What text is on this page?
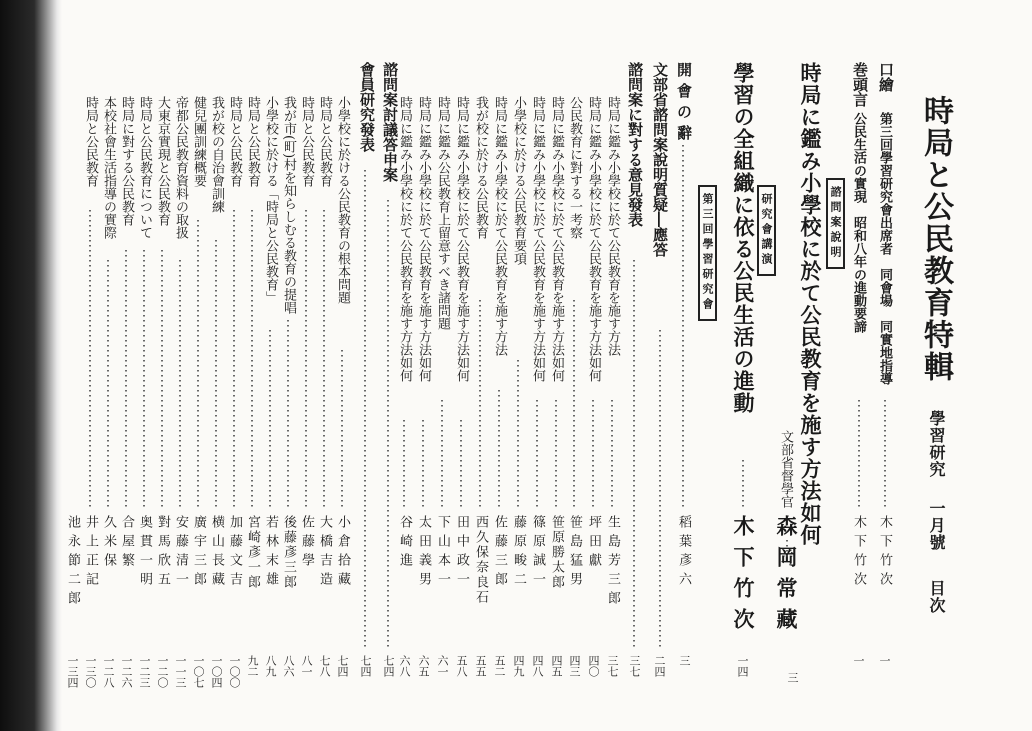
時局と公民教育特輯
學習研究
一月號
目次
口繪
第三回學習研究會出席者　同會場　同實地指導
木下竹次
一
巻頭言
公民生活の實現　昭和八年の進動要諦
木下竹次
一
諮問案說明
研究會講演
第三回學習研究會	時局に鑑み小學校に於て公民教育を施す方法如何
文部省督學官
森岡常藏
三
學習の全組織に依る公民生活の進動
木下竹次
一四
開會の辭
稻葉彥六
三
文部省諮問案說明質疑―應答
二四
諮問案に對する意見發表
三七
時局に鑑み小學校に於て公民教育を施す方法
生島芳三郎
三七
時局に鑑み小學校に於て公民教育を施す方法如何
坪田獻
四〇
公民教育に對する一考察
笹島猛男
四三
時局に鑑み小學校に於て公民教育を施す方法如何
笹原勝太郎
四五
時局に鑑み小學校に於て公民教育を施す方法如何
篠原誠一
四八
小學校に於ける公民教育要項
藤原畯二
四九
時局に鑑み小學校に於て公民教育を施す方法
佐藤三郎
五二
我が校に於ける公民教育
西久保奈良石
五五
時局に鑑み小學校に於て公民教育を施す方法如何
田中政一
五八
時局に鑑み公民教育上留意すべき諸問題
下山本一
六一
時局に鑑み小學校に於て公民教育を施す方法如何
太田義男
六五
時局に鑑み小學校に於て公民教育を施す方法如何
谷崎進
六八
諮問案討議答申案
七四
會員研究發表
七四
小學校に於ける公民教育の根本問題
小倉拾藏
七四
時局と公民教育
大橋吉造
七八
時局と公民教育
佐藤學
八一
我が市(町)村を知らしむる教育の提唱
後藤彥三郎
八六
小學校に於ける「時局と公民教育」
若林末雄
八九
時局と公民教育
宮崎彥一郎
九二
時局と公民教育
加藤文吉
一〇〇
我が校の自治會訓練
横山長藏
一〇四
健兒團訓練概要
廣宇三郎
一〇七
帝都公民教育資料の取扱
安藤清一
一一三
大東京實現と公民教育
對馬欣五
一二〇
時局と公民教育について
奥貫一明
一二三
時局に對する公民教育
合屋繁
一二六
本校社會生活指導の實際
久米保
一二八
時局と公民教育
井上正記
一三〇
池永節二郎
一三四
